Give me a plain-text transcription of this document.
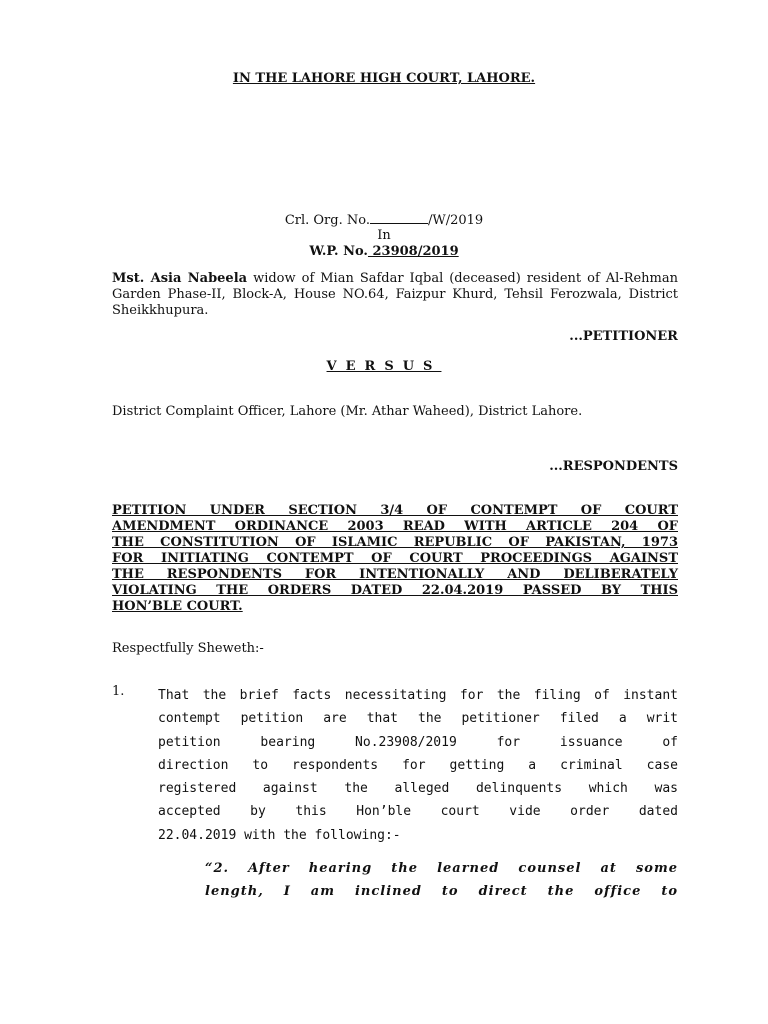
IN THE LAHORE HIGH COURT, LAHORE.
Crl. Org. No.	/W/2019
In
W.P. No. 23908/2019
Mst. Asia Nabeela widow of Mian Safdar Iqbal (deceased) resident of Al-Rehman Garden Phase-II, Block-A, House NO.64, Faizpur Khurd, Tehsil Ferozwala, District Sheikkhupura.
...PETITIONER
VERSUS
District Complaint Officer, Lahore (Mr. Athar Waheed), District Lahore.
...RESPONDENTS
PETITION UNDER SECTION 3/4 OF CONTEMPT OF COURT
AMENDMENT ORDINANCE 2003 READ WITH ARTICLE 204 OF
THE CONSTITUTION OF ISLAMIC REPUBLIC OF PAKISTAN, 1973
FOR INITIATING CONTEMPT OF COURT PROCEEDINGS AGAINST
THE RESPONDENTS FOR INTENTIONALLY AND DELIBERATELY
VIOLATING THE ORDERS DATED 22.04.2019 PASSED BY THIS
HON’BLE COURT.
Respectfully Sheweth:-
1.	That the brief facts necessitating for the filing of instant
contempt petition are that the petitioner filed a writ
petition bearing No.23908/2019 for issuance of
direction to respondents for getting a criminal case
registered against the alleged delinquents which was
accepted by this Hon’ble court vide order dated
22.04.2019 with the following:-
“2. After hearing the learned counsel at some
length, I am inclined to direct the office to
